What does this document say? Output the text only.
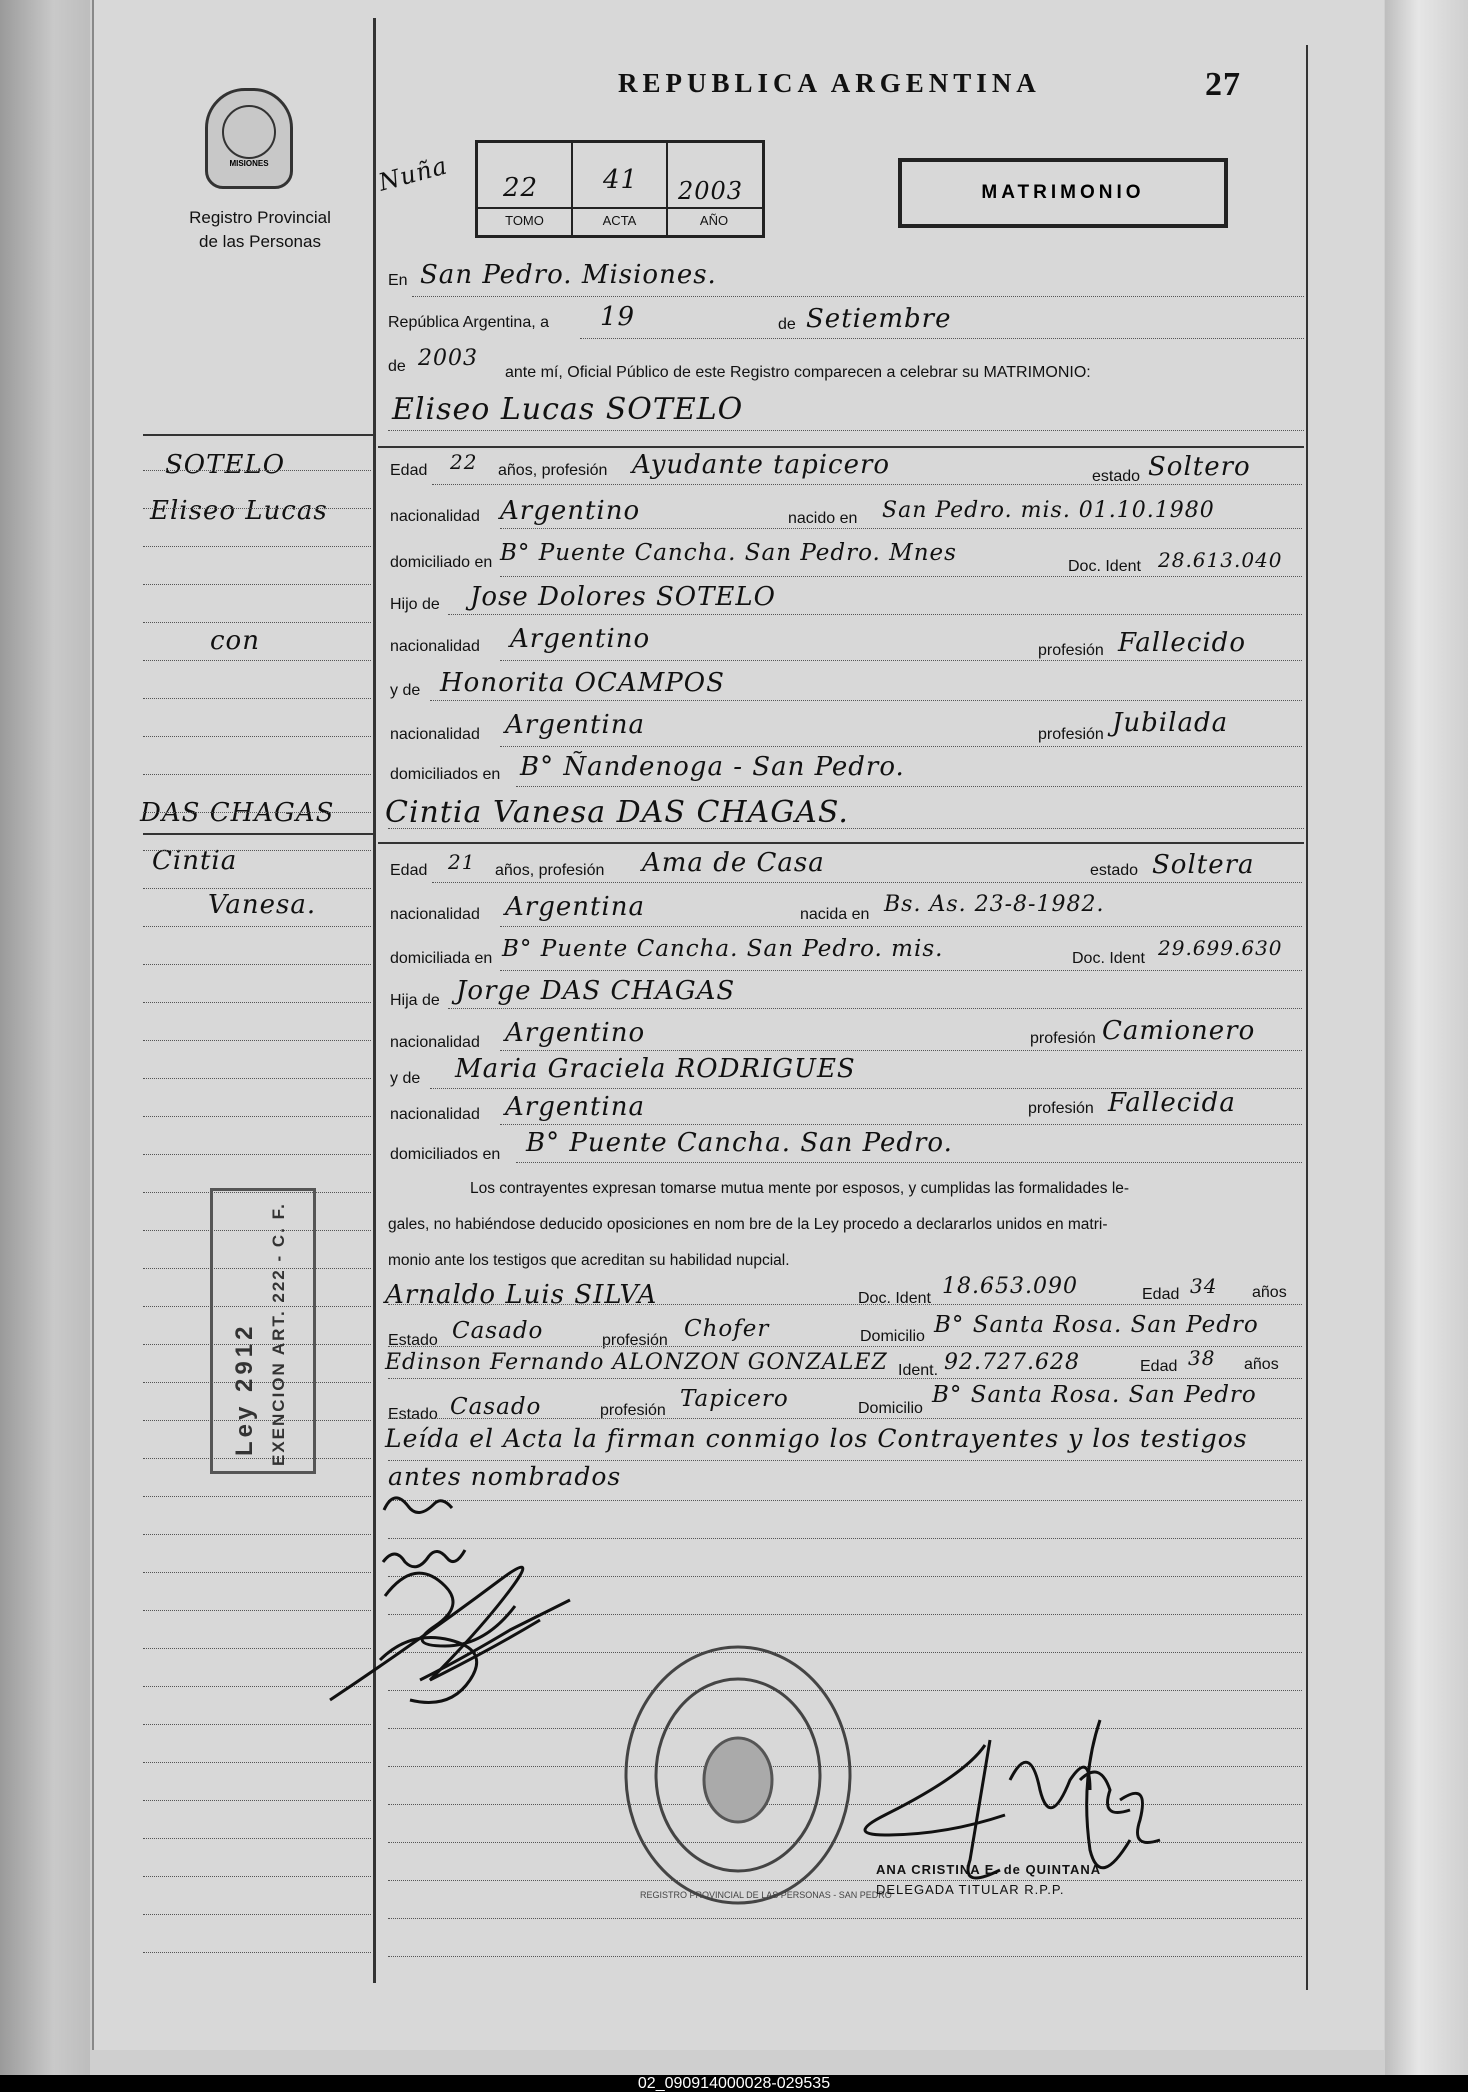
MISIONES
Registro Provincial
de las Personas
REPUBLICA ARGENTINA	27
MATRIMONIO
22
TOMO
41
ACTA
2003
AÑO
Nuña
En San Pedro. Misiones.
República Argentina, a 19	de Setiembre
de 2003
ante mí, Oficial Público de este Registro comparecen a celebrar su MATRIMONIO:
Eliseo Lucas SOTELO
SOTELO
Eliseo Lucas
con
DAS CHAGAS
Cintia
Vanesa.
Edad 22 años, profesión Ayudante tapicero	estado Soltero
nacionalidad Argentino	nacido en San Pedro. mis. 01.10.1980
domiciliado en B° Puente Cancha. San Pedro. Mnes
Doc. Ident 28.613.040
Hijo de Jose Dolores SOTELO
nacionalidad Argentino	profesión Fallecido
y de Honorita OCAMPOS
nacionalidad Argentina	profesión Jubilada
domiciliados en B° Ñandenoga - San Pedro.
Cintia Vanesa DAS CHAGAS.
Edad 21 años, profesión Ama de Casa	estado Soltera
nacionalidad Argentina	nacida en Bs. As. 23-8-1982.
domiciliada en B° Puente Cancha. San Pedro. mis.	Doc. Ident 29.699.630
Hija de Jorge DAS CHAGAS
nacionalidad Argentino	profesión Camionero
y de Maria Graciela RODRIGUES
nacionalidad Argentina	profesión Fallecida
domiciliados en B° Puente Cancha. San Pedro.
Los contrayentes expresan tomarse mutua mente por esposos, y cumplidas las formalidades le-
gales, no habiéndose deducido oposiciones en nom bre de la Ley procedo a declararlos unidos en matri-
monio ante los testigos que acreditan su habilidad nupcial.
Arnaldo Luis SILVA	Doc. Ident 18.653.090	Edad 34 años
Estado Casado	profesión Chofer	Domicilio B° Santa Rosa. San Pedro
Edinson Fernando ALONZON GONZALEZ Ident. 92.727.628	Edad 38 años
Estado Casado	profesión Tapicero	Domicilio
B° Santa Rosa. San Pedro
Leída el Acta la firman conmigo los Contrayentes y los testigos
antes nombrados
Ley 2912 EXENCION ART. 222 - C. F.
REGISTRO PROVINCIAL DE LAS PERSONAS - SAN PEDRO
ANA CRISTINA E. de QUINTANA
DELEGADA TITULAR R.P.P.
02_090914000028-029535
